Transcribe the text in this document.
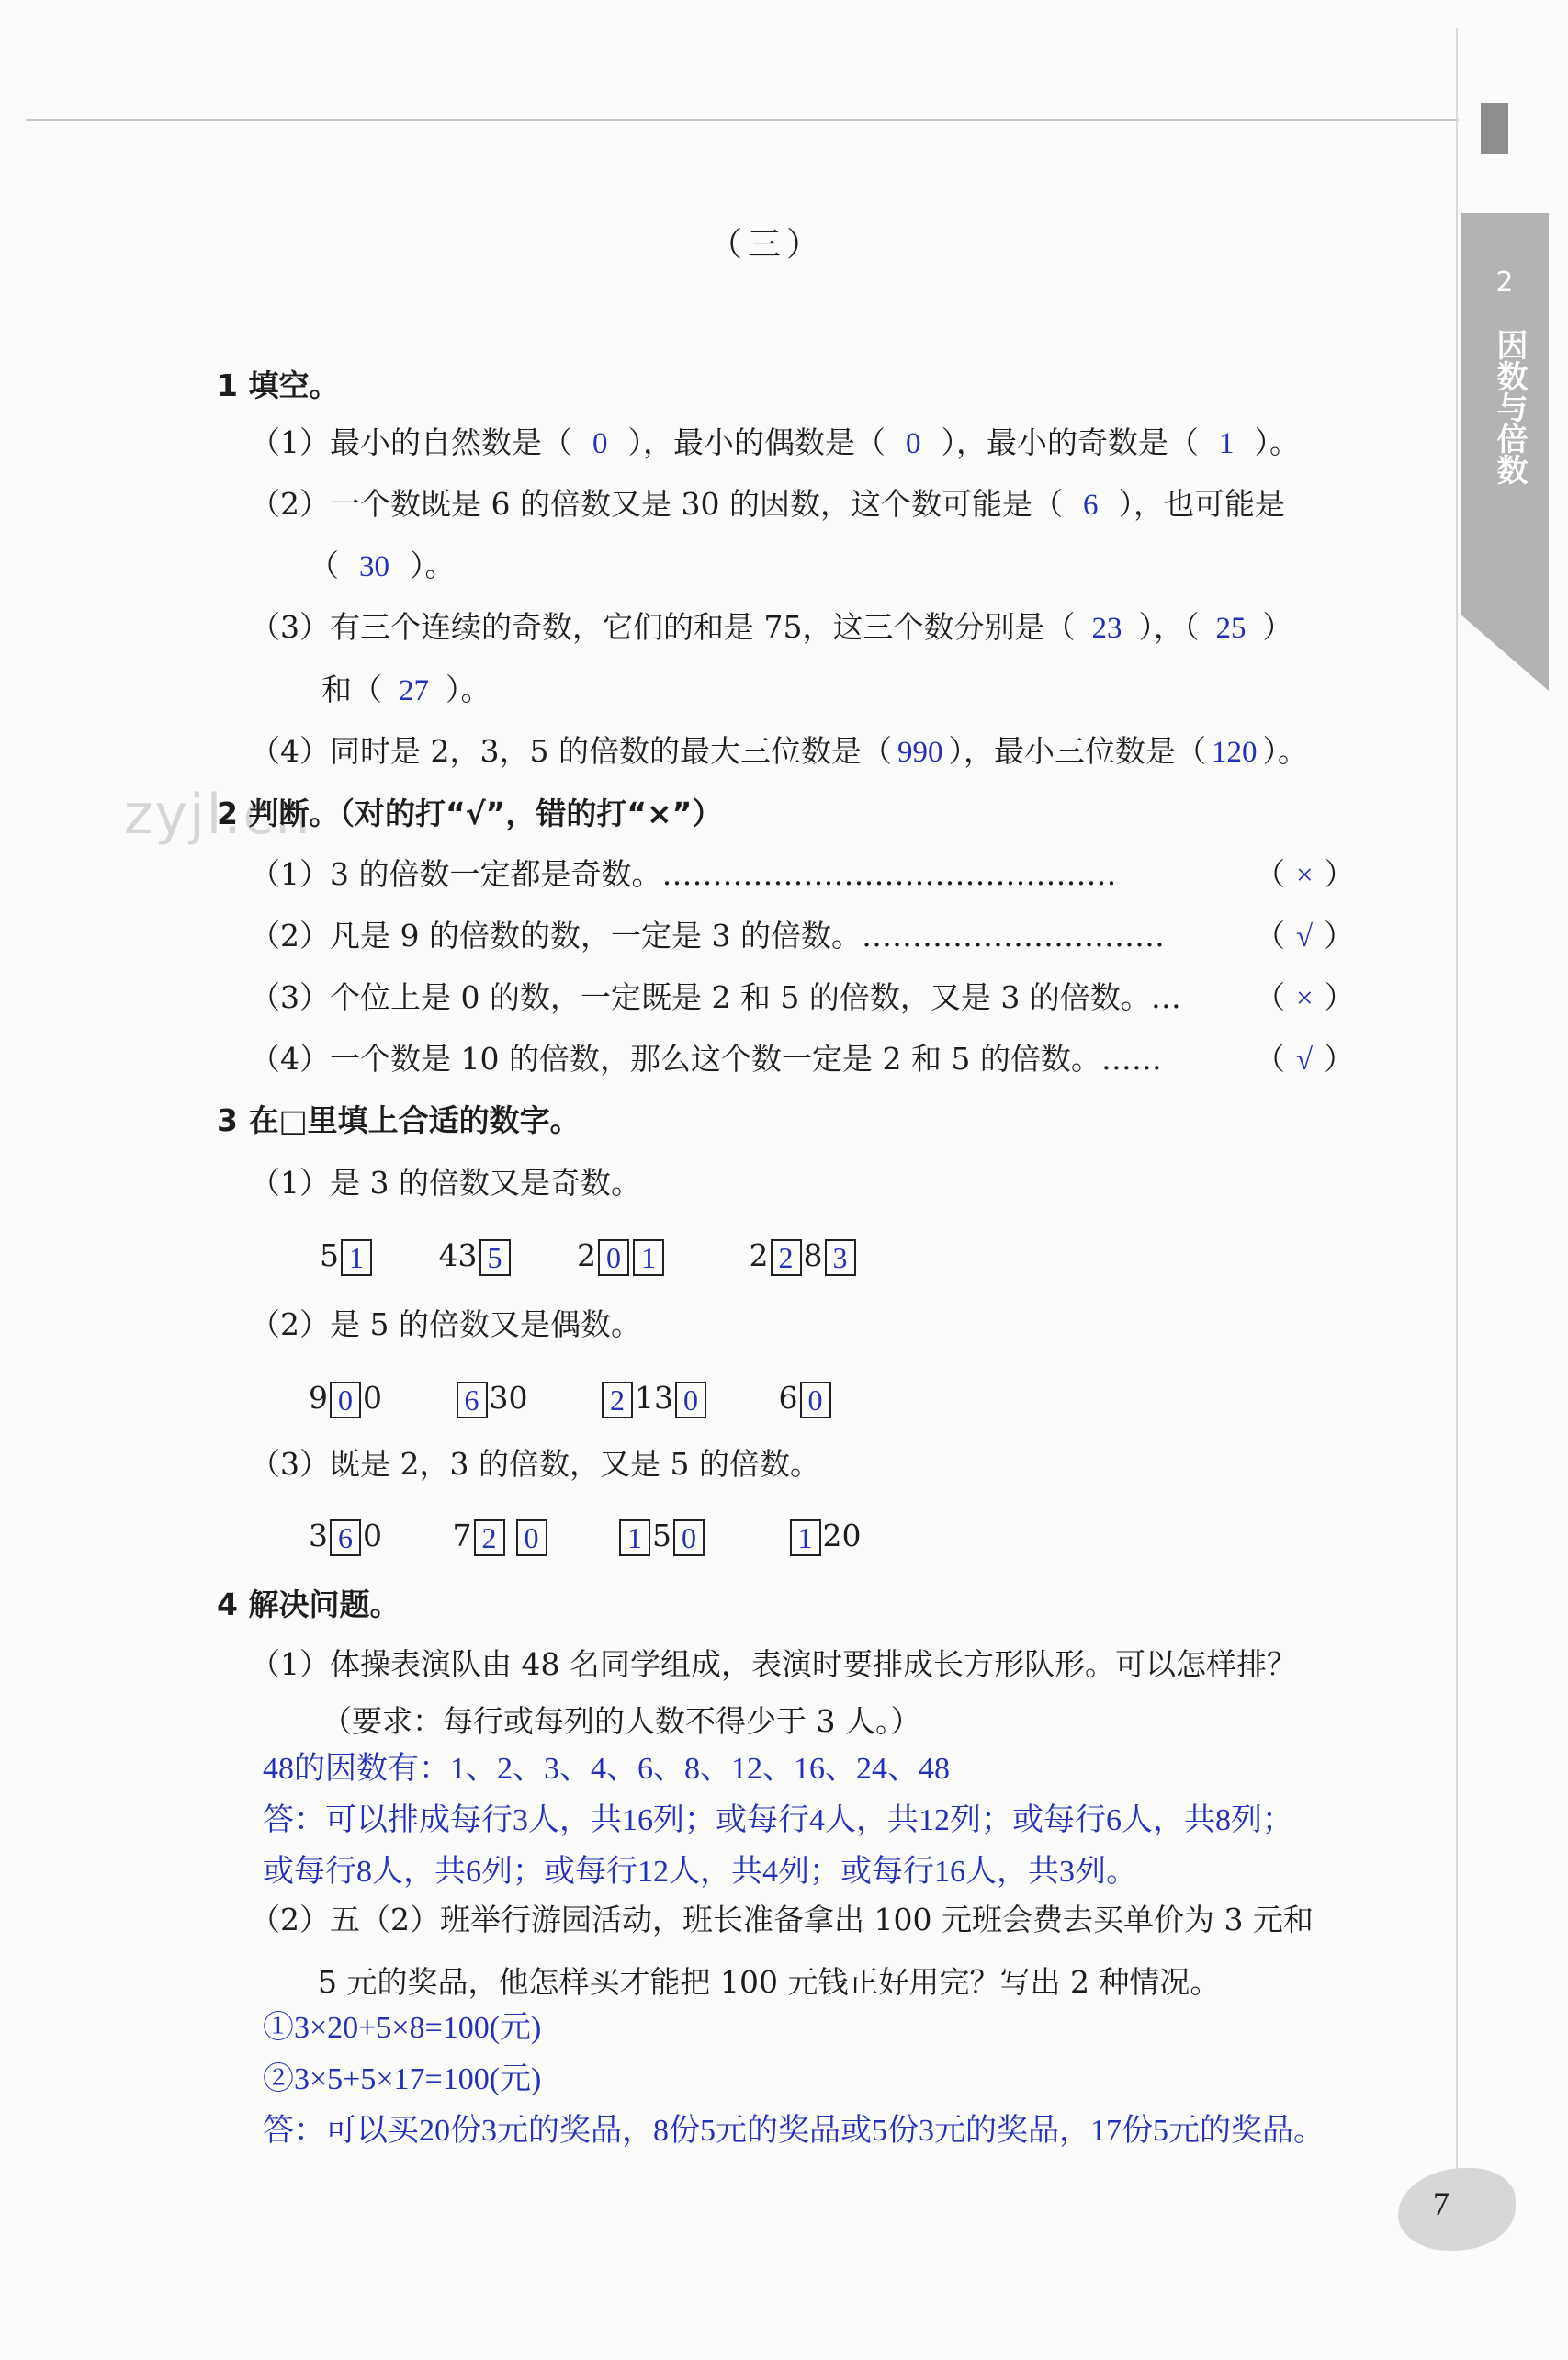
2
因数与倍数
zyjl.cn
（三）
1 填空。
（1）最小的自然数是（ 0 ），最小的偶数是（ 0 ），最小的奇数是（ 1 ）。
（2）一个数既是 6 的倍数又是 30 的因数，这个数可能是（ 6 ），也可能是
（ 30 ）。
（3）有三个连续的奇数，它们的和是 75，这三个数分别是（ 23 ），（ 25 ）
和（ 27 ）。
（4）同时是 2，3，5 的倍数的最大三位数是（ 990 ），最小三位数是（ 120 ）。
2 判断。（对的打“√”，错的打“×”）
（1）3 的倍数一定都是奇数。………………………………………	（ × ）
（2）凡是 9 的倍数的数，一定是 3 的倍数。…………………………	（ √ ）
（3）个位上是 0 的数，一定既是 2 和 5 的倍数，又是 3 的倍数。… （ × ）
（4）一个数是 10 的倍数，那么这个数一定是 2 和 5 的倍数。……	（ √ ）
3 在□里填上合适的数字。
（1）是 3 的倍数又是奇数。
5 1 43 5 2 0 1	2 2 8 3
（2）是 5 的倍数又是偶数。
9 0 0	6 30	2 13 0	6 0
（3）既是 2，3 的倍数，又是 5 的倍数。
3 6 0 7 2 0	1 5 0	1 20
4 解决问题。
（1）体操表演队由 48 名同学组成，表演时要排成长方形队形。可以怎样排？
（要求：每行或每列的人数不得少于 3 人。）
48的因数有：1、2、3、4、6、8、12、16、24、48
答：可以排成每行3人，共16列；或每行4人，共12列；或每行6人，共8列；
或每行8人，共6列；或每行12人，共4列；或每行16人，共3列。
（2）五（2）班举行游园活动，班长准备拿出 100 元班会费去买单价为 3 元和
5 元的奖品，他怎样买才能把 100 元钱正好用完？写出 2 种情况。
①3×20+5×8=100(元)
②3×5+5×17=100(元)
答：可以买20份3元的奖品，8份5元的奖品或5份3元的奖品，17份5元的奖品。
7
